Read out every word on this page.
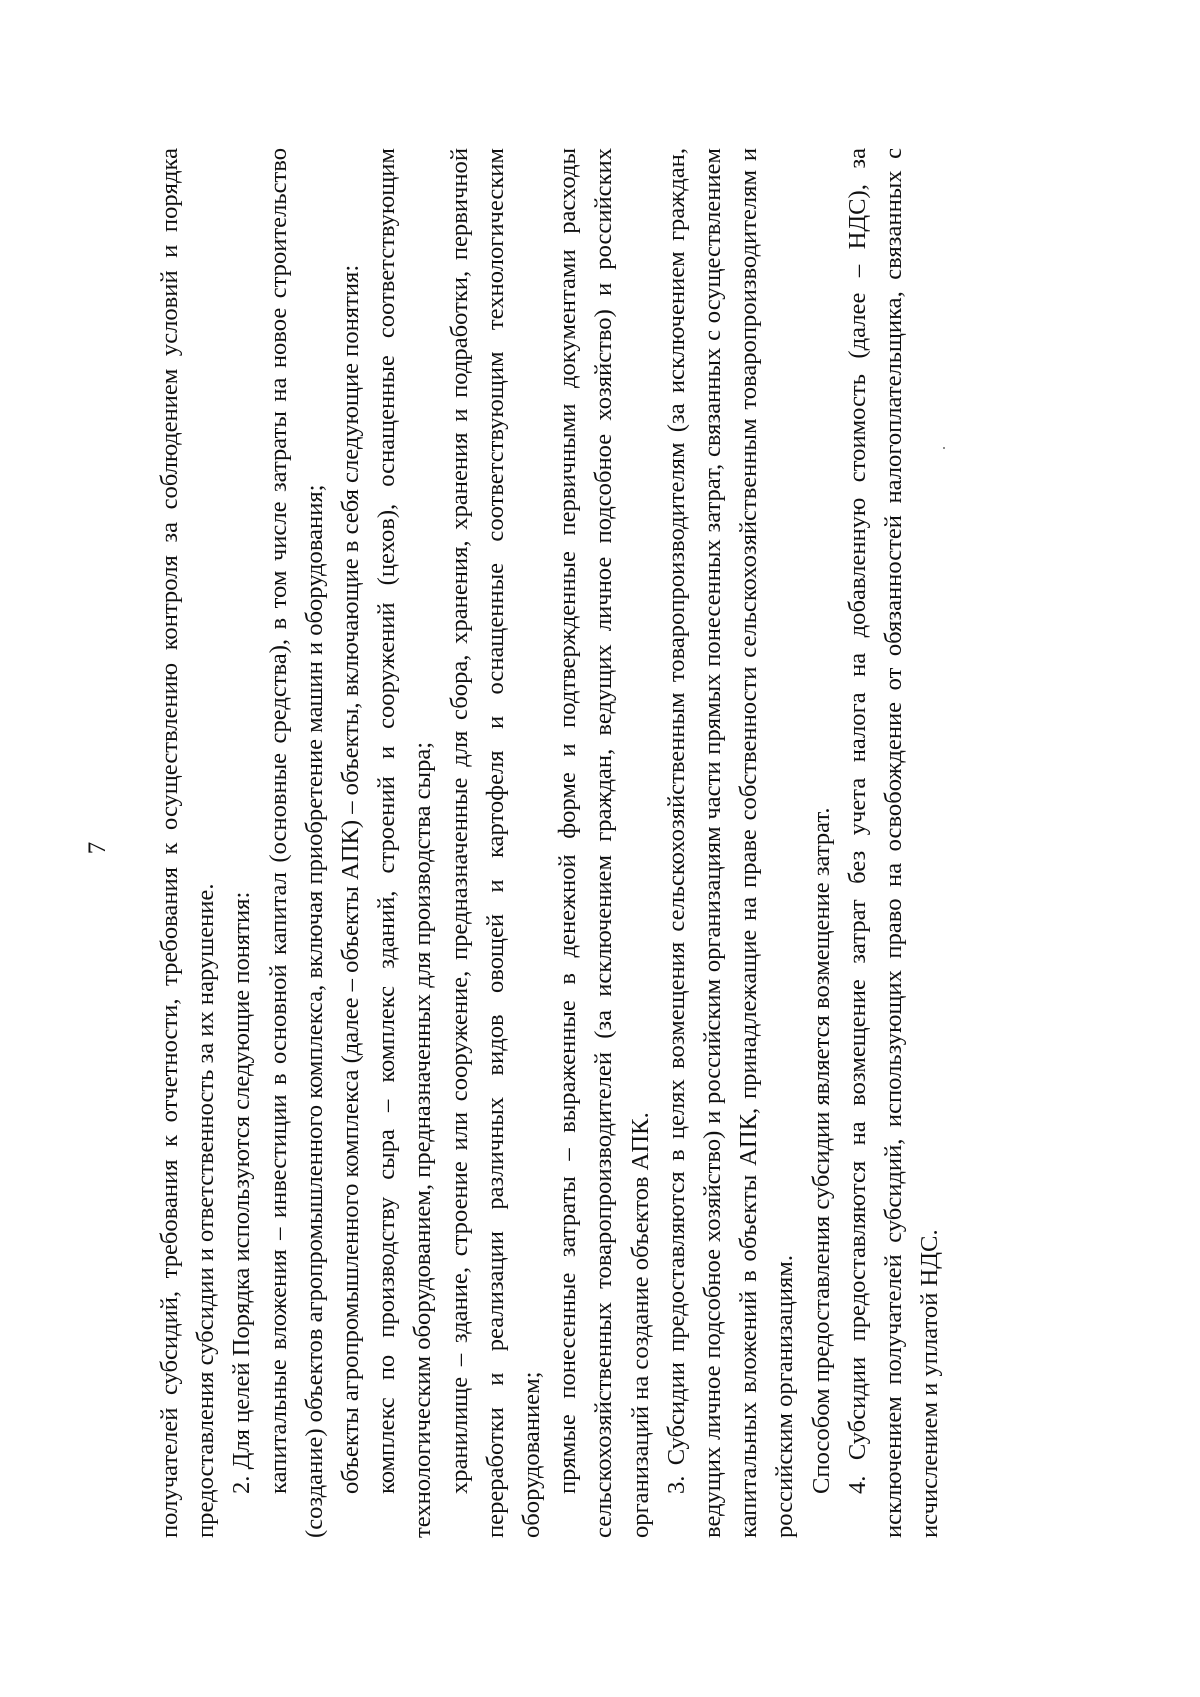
7 получателей субсидий, требования к отчетности, требования к осуществлению контроля за соблюдением условий и порядка предоставления субсидии и ответственность за их нарушение. 2. Для целей Порядка используются следующие понятия: капитальные вложения – инвестиции в основной капитал (основные средства), в том числе затраты на новое строительство (создание) объектов агропромышленного комплекса, включая приобретение машин и оборудования; объекты агропромышленного комплекса (далее – объекты АПК) – объекты, включающие в себя следующие понятия: комплекс по производству сыра – комплекс зданий, строений и сооружений (цехов), оснащенные соответствующим технологическим оборудованием, предназначенных для производства сыра; хранилище – здание, строение или сооружение, предназначенные для сбора, хранения, хранения и подработки, первичной переработки и реализации различных видов овощей и картофеля и оснащенные соответствующим технологическим оборудованием; прямые понесенные затраты – выраженные в денежной форме и подтвержденные первичными документами расходы сельскохозяйственных товаропроизводителей (за исключением граждан, ведущих личное подсобное хозяйство) и российских организаций на создание объектов АПК. 3. Субсидии предоставляются в целях возмещения сельскохозяйственным товаропроизводителям (за исключением граждан, ведущих личное подсобное хозяйство) и российским организациям части прямых понесенных затрат, связанных с осуществлением капитальных вложений в объекты АПК, принадлежащие на праве собственности сельскохозяйственным товаропроизводителям и российским организациям. Способом предоставления субсидии является возмещение затрат. 4. Субсидии предоставляются на возмещение затрат без учета налога на добавленную стоимость (далее – НДС), за исключением получателей субсидий, использующих право на освобождение от обязанностей налогоплательщика, связанных с исчислением и уплатой НДС.
